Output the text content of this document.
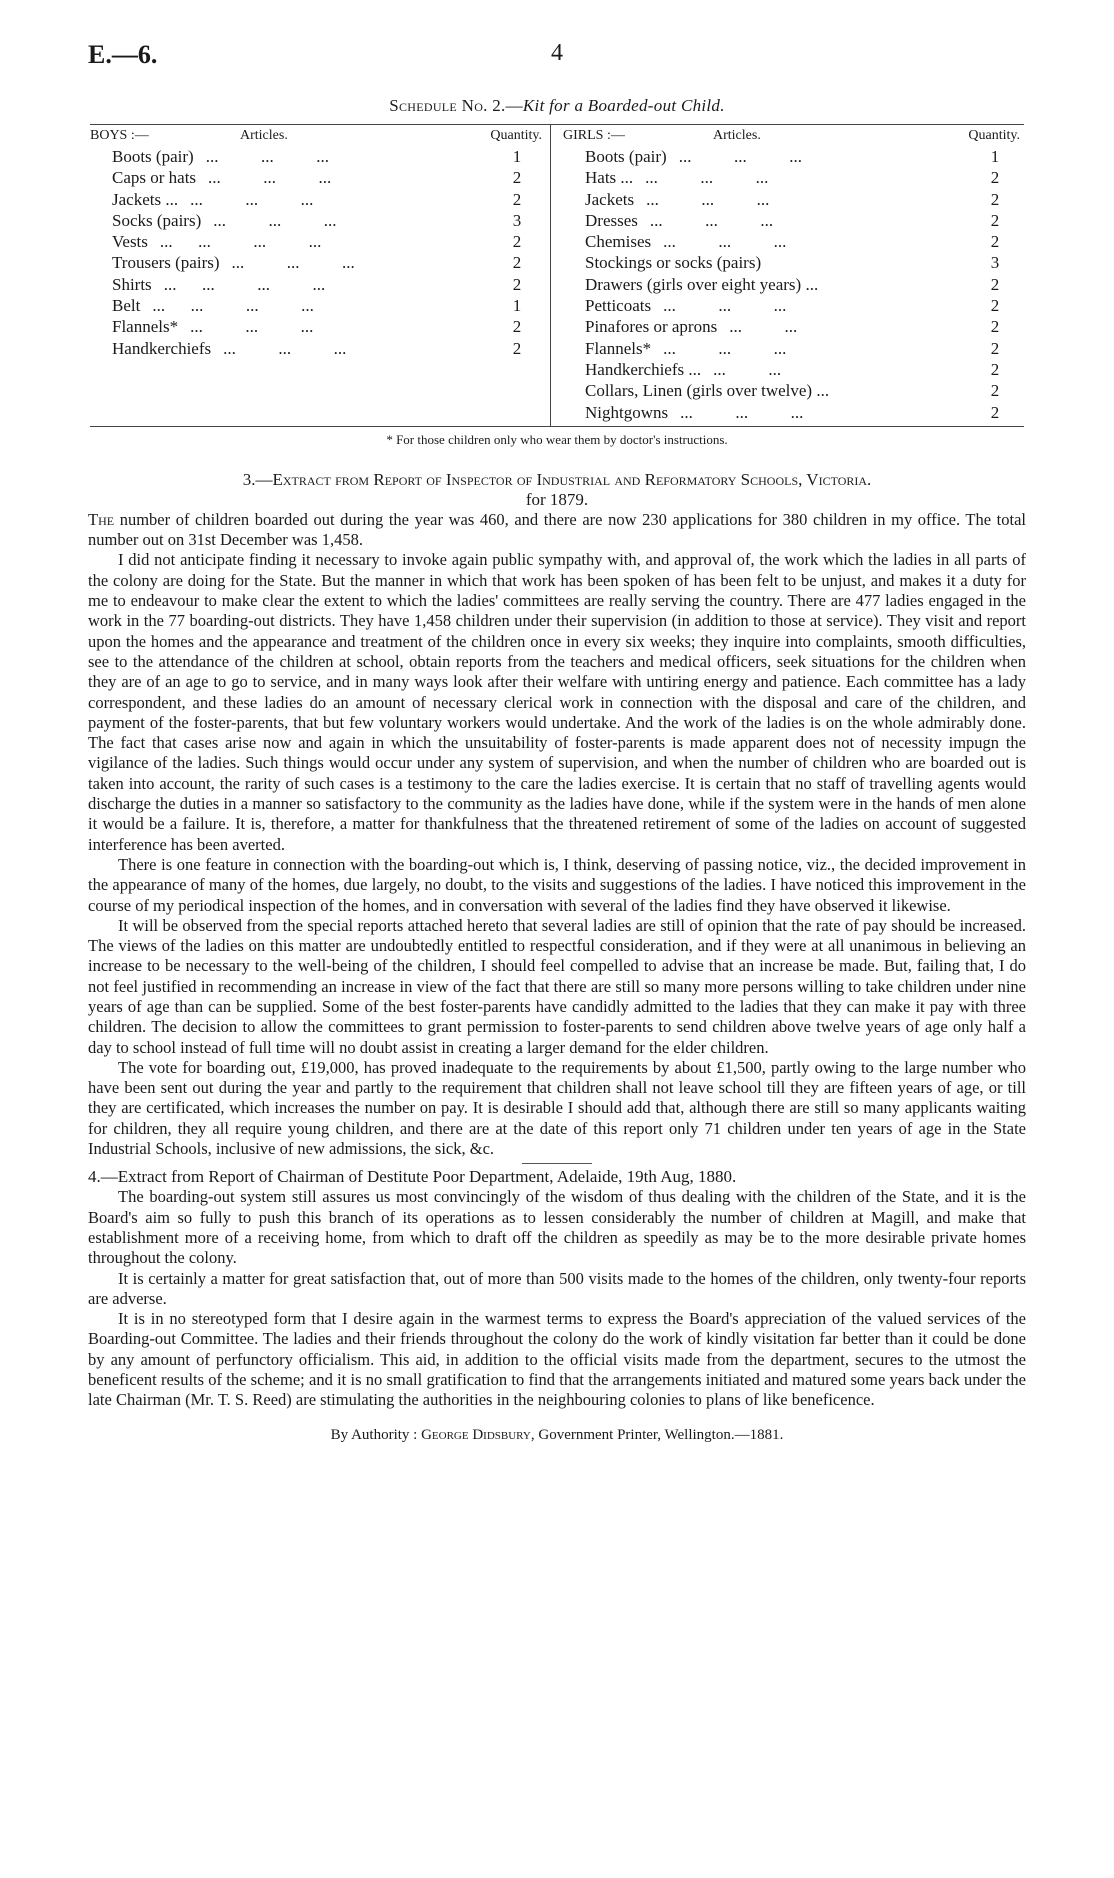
E.—6.	4
Schedule No. 2.—Kit for a Boarded-out Child.
BOYS :—	Articles.	Quantity.
Boots (pair) ...          ...          ...	1
Caps or hats ...          ...          ...	2
Jackets ... ...          ...          ...	2
Socks (pairs) ...          ...          ...	3
Vests ...      ...          ...          ...	2
Trousers (pairs) ...          ...          ...	2
Shirts ...      ...          ...          ...	2
Belt ...      ...          ...          ...	1
Flannels* ...          ...          ...	2
Handkerchiefs ...          ...          ...	2
GIRLS :—	Articles.	Quantity.
Boots (pair) ...          ...          ...	1
Hats ... ...          ...          ...	2
Jackets ...          ...          ...	2
Dresses ...          ...          ...	2
Chemises ...          ...          ...	2
Stockings or socks (pairs)	3
Drawers (girls over eight years) ...	2
Petticoats ...          ...          ...	2
Pinafores or aprons ...          ...	2
Flannels* ...          ...          ...	2
Handkerchiefs ... ...          ...	2
Collars, Linen (girls over twelve) ...	2
Nightgowns ...          ...          ...	2
* For those children only who wear them by doctor's instructions.
3.—Extract from Report of Inspector of Industrial and Reformatory Schools, Victoria.
for 1879.

The number of children boarded out during the year was 460, and there are now 230 applications for 380 children in my office. The total number out on 31st December was 1,458.

I did not anticipate finding it necessary to invoke again public sympathy with, and approval of, the work which the ladies in all parts of the colony are doing for the State. But the manner in which that work has been spoken of has been felt to be unjust, and makes it a duty for me to endeavour to make clear the extent to which the ladies' committees are really serving the country. There are 477 ladies engaged in the work in the 77 boarding-out districts. They have 1,458 children under their supervision (in addition to those at service). They visit and report upon the homes and the appearance and treatment of the children once in every six weeks; they inquire into complaints, smooth difficulties, see to the attendance of the children at school, obtain reports from the teachers and medical officers, seek situations for the children when they are of an age to go to service, and in many ways look after their welfare with untiring energy and patience. Each committee has a lady correspondent, and these ladies do an amount of necessary clerical work in connection with the disposal and care of the children, and payment of the foster-parents, that but few voluntary workers would undertake. And the work of the ladies is on the whole admirably done. The fact that cases arise now and again in which the unsuitability of foster-parents is made apparent does not of necessity impugn the vigilance of the ladies. Such things would occur under any system of supervision, and when the number of children who are boarded out is taken into account, the rarity of such cases is a testimony to the care the ladies exercise. It is certain that no staff of travelling agents would discharge the duties in a manner so satisfactory to the community as the ladies have done, while if the system were in the hands of men alone it would be a failure. It is, therefore, a matter for thankfulness that the threatened retirement of some of the ladies on account of suggested interference has been averted.

There is one feature in connection with the boarding-out which is, I think, deserving of passing notice, viz., the decided improvement in the appearance of many of the homes, due largely, no doubt, to the visits and suggestions of the ladies. I have noticed this improvement in the course of my periodical inspection of the homes, and in conversation with several of the ladies find they have observed it likewise.

It will be observed from the special reports attached hereto that several ladies are still of opinion that the rate of pay should be increased. The views of the ladies on this matter are undoubtedly entitled to respectful consideration, and if they were at all unanimous in believing an increase to be necessary to the well-being of the children, I should feel compelled to advise that an increase be made. But, failing that, I do not feel justified in recommending an increase in view of the fact that there are still so many more persons willing to take children under nine years of age than can be supplied. Some of the best foster-parents have candidly admitted to the ladies that they can make it pay with three children. The decision to allow the committees to grant permission to foster-parents to send children above twelve years of age only half a day to school instead of full time will no doubt assist in creating a larger demand for the elder children.

The vote for boarding out, £19,000, has proved inadequate to the requirements by about £1,500, partly owing to the large number who have been sent out during the year and partly to the requirement that children shall not leave school till they are fifteen years of age, or till they are certificated, which increases the number on pay. It is desirable I should add that, although there are still so many applicants waiting for children, they all require young children, and there are at the date of this report only 71 children under ten years of age in the State Industrial Schools, inclusive of new admissions, the sick, &c.

4.—Extract from Report of Chairman of Destitute Poor Department, Adelaide, 19th Aug, 1880.

The boarding-out system still assures us most convincingly of the wisdom of thus dealing with the children of the State, and it is the Board's aim so fully to push this branch of its operations as to lessen considerably the number of children at Magill, and make that establishment more of a receiving home, from which to draft off the children as speedily as may be to the more desirable private homes throughout the colony.

It is certainly a matter for great satisfaction that, out of more than 500 visits made to the homes of the children, only twenty-four reports are adverse.

It is in no stereotyped form that I desire again in the warmest terms to express the Board's appreciation of the valued services of the Boarding-out Committee. The ladies and their friends throughout the colony do the work of kindly visitation far better than it could be done by any amount of perfunctory officialism. This aid, in addition to the official visits made from the department, secures to the utmost the beneficent results of the scheme; and it is no small gratification to find that the arrangements initiated and matured some years back under the late Chairman (Mr. T. S. Reed) are stimulating the authorities in the neighbouring colonies to plans of like beneficence.

By Authority : George Didsbury, Government Printer, Wellington.—1881.
